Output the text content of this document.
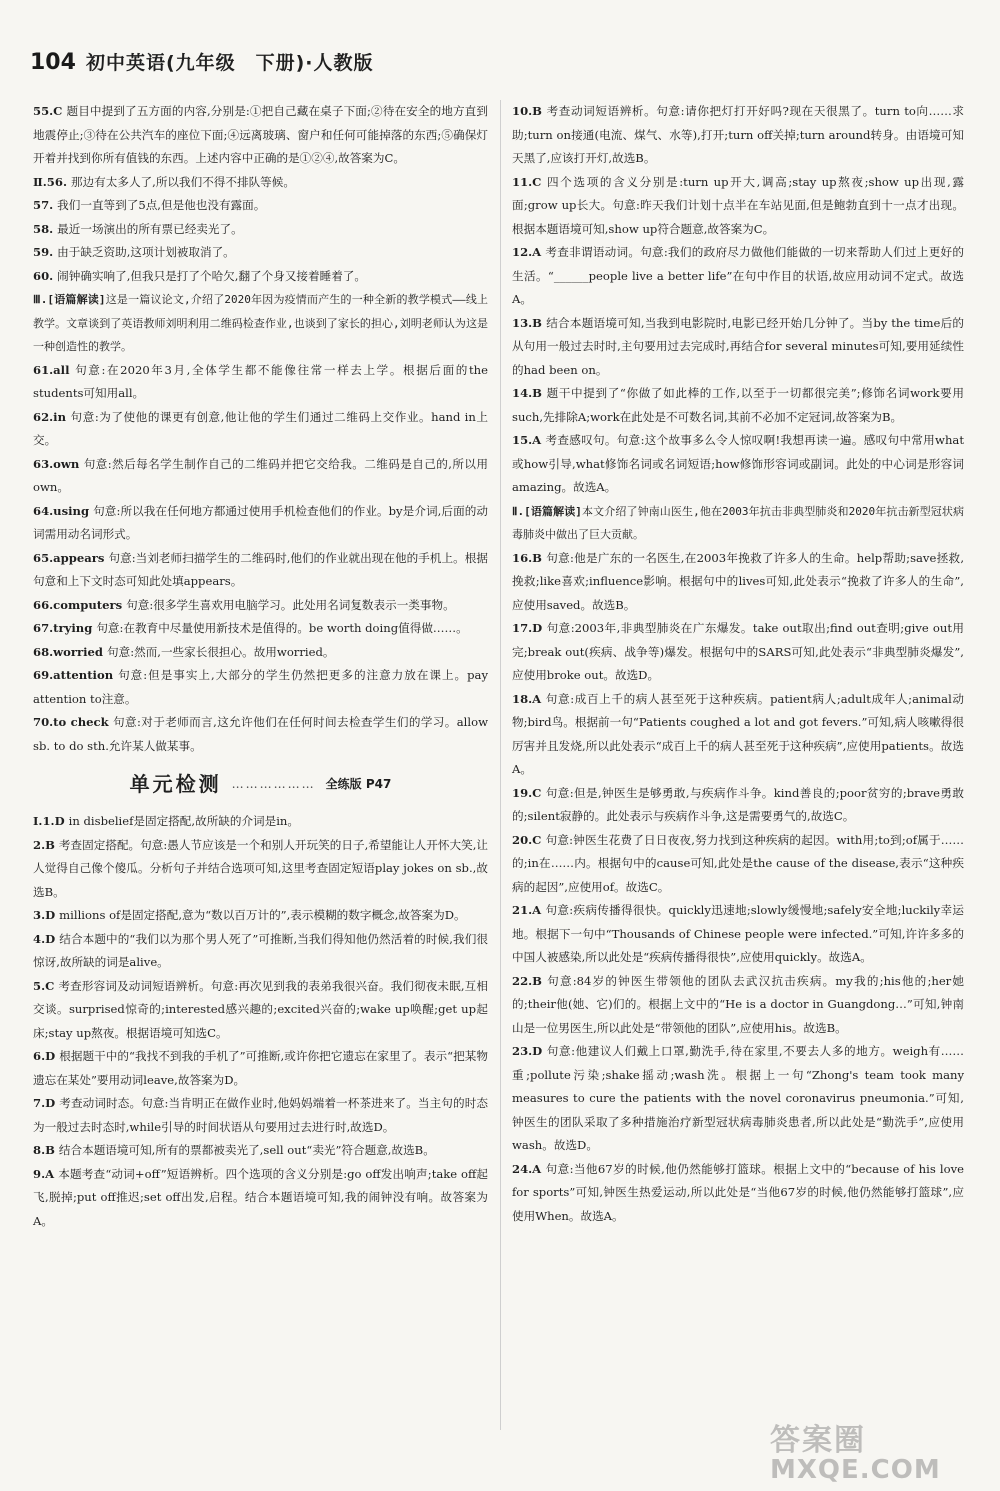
104 初中英语(九年级　下册)·人教版

55.C 题目中提到了五方面的内容,分别是:①把自己藏在桌子下面;②待在安全的地方直到地震停止;③待在公共汽车的座位下面;④远离玻璃、窗户和任何可能掉落的东西;⑤确保灯开着并找到你所有值钱的东西。上述内容中正确的是①②④,故答案为C。

Ⅱ.56. 那边有太多人了,所以我们不得不排队等候。

57. 我们一直等到了5点,但是他也没有露面。

58. 最近一场演出的所有票已经卖光了。

59. 由于缺乏资助,这项计划被取消了。

60. 闹钟确实响了,但我只是打了个哈欠,翻了个身又接着睡着了。

Ⅲ.[语篇解读]这是一篇议论文,介绍了2020年因为疫情而产生的一种全新的教学模式——线上教学。文章谈到了英语教师刘明利用二维码检查作业,也谈到了家长的担心,刘明老师认为这是一种创造性的教学。

61.all 句意:在2020年3月,全体学生都不能像往常一样去上学。根据后面的the students可知用all。

62.in 句意:为了使他的课更有创意,他让他的学生们通过二维码上交作业。hand in上交。

63.own 句意:然后每名学生制作自己的二维码并把它交给我。二维码是自己的,所以用own。

64.using 句意:所以我在任何地方都通过使用手机检查他们的作业。by是介词,后面的动词需用动名词形式。

65.appears 句意:当刘老师扫描学生的二维码时,他们的作业就出现在他的手机上。根据句意和上下文时态可知此处填appears。

66.computers 句意:很多学生喜欢用电脑学习。此处用名词复数表示一类事物。

67.trying 句意:在教育中尽量使用新技术是值得的。be worth doing值得做……。

68.worried 句意:然而,一些家长很担心。故用worried。

69.attention 句意:但是事实上,大部分的学生仍然把更多的注意力放在课上。pay attention to注意。

70.to check 句意:对于老师而言,这允许他们在任何时间去检查学生们的学习。allow sb. to do sth.允许某人做某事。

单元检测 ……………… 全练版 P47

Ⅰ.1.D in disbelief是固定搭配,故所缺的介词是in。

2.B 考查固定搭配。句意:愚人节应该是一个和别人开玩笑的日子,希望能让人开怀大笑,让人觉得自己像个傻瓜。分析句子并结合选项可知,这里考查固定短语play jokes on sb.,故选B。

3.D millions of是固定搭配,意为“数以百万计的”,表示模糊的数字概念,故答案为D。

4.D 结合本题中的“我们以为那个男人死了”可推断,当我们得知他仍然活着的时候,我们很惊讶,故所缺的词是alive。

5.C 考查形容词及动词短语辨析。句意:再次见到我的表弟我很兴奋。我们彻夜未眠,互相交谈。surprised惊奇的;interested感兴趣的;excited兴奋的;wake up唤醒;get up起床;stay up熬夜。根据语境可知选C。

6.D 根据题干中的“我找不到我的手机了”可推断,或许你把它遗忘在家里了。表示“把某物遗忘在某处”要用动词leave,故答案为D。

7.D 考查动词时态。句意:当肯明正在做作业时,他妈妈端着一杯茶进来了。当主句的时态为一般过去时态时,while引导的时间状语从句要用过去进行时,故选D。

8.B 结合本题语境可知,所有的票都被卖光了,sell out“卖光”符合题意,故选B。

9.A 本题考查“动词+off”短语辨析。四个选项的含义分别是:go off发出响声;take off起飞,脱掉;put off推迟;set off出发,启程。结合本题语境可知,我的闹钟没有响。故答案为A。

10.B 考查动词短语辨析。句意:请你把灯打开好吗?现在天很黑了。turn to向……求助;turn on接通(电流、煤气、水等),打开;turn off关掉;turn around转身。由语境可知天黑了,应该打开灯,故选B。

11.C 四个选项的含义分别是:turn up开大,调高;stay up熬夜;show up出现,露面;grow up长大。句意:昨天我们计划十点半在车站见面,但是鲍勃直到十一点才出现。根据本题语境可知,show up符合题意,故答案为C。

12.A 考查非谓语动词。句意:我们的政府尽力做他们能做的一切来帮助人们过上更好的生活。“______people live a better life”在句中作目的状语,故应用动词不定式。故选A。

13.B 结合本题语境可知,当我到电影院时,电影已经开始几分钟了。当by the time后的从句用一般过去时时,主句要用过去完成时,再结合for several minutes可知,要用延续性的had been on。

14.B 题干中提到了“你做了如此棒的工作,以至于一切都很完美”;修饰名词work要用such,先排除A;work在此处是不可数名词,其前不必加不定冠词,故答案为B。

15.A 考查感叹句。句意:这个故事多么令人惊叹啊!我想再读一遍。感叹句中常用what或how引导,what修饰名词或名词短语;how修饰形容词或副词。此处的中心词是形容词amazing。故选A。

Ⅱ.[语篇解读]本文介绍了钟南山医生,他在2003年抗击非典型肺炎和2020年抗击新型冠状病毒肺炎中做出了巨大贡献。

16.B 句意:他是广东的一名医生,在2003年挽救了许多人的生命。help帮助;save拯救,挽救;like喜欢;influence影响。根据句中的lives可知,此处表示“挽救了许多人的生命”,应使用saved。故选B。

17.D 句意:2003年,非典型肺炎在广东爆发。take out取出;find out查明;give out用完;break out(疾病、战争等)爆发。根据句中的SARS可知,此处表示“非典型肺炎爆发”,应使用broke out。故选D。

18.A 句意:成百上千的病人甚至死于这种疾病。patient病人;adult成年人;animal动物;bird鸟。根据前一句“Patients coughed a lot and got fevers.”可知,病人咳嗽得很厉害并且发烧,所以此处表示“成百上千的病人甚至死于这种疾病”,应使用patients。故选A。

19.C 句意:但是,钟医生是够勇敢,与疾病作斗争。kind善良的;poor贫穷的;brave勇敢的;silent寂静的。此处表示与疾病作斗争,这是需要勇气的,故选C。

20.C 句意:钟医生花费了日日夜夜,努力找到这种疾病的起因。with用;to到;of属于……的;in在……内。根据句中的cause可知,此处是the cause of the disease,表示“这种疾病的起因”,应使用of。故选C。

21.A 句意:疾病传播得很快。quickly迅速地;slowly缓慢地;safely安全地;luckily幸运地。根据下一句中“Thousands of Chinese people were infected.”可知,许许多多的中国人被感染,所以此处是“疾病传播得很快”,应使用quickly。故选A。

22.B 句意:84岁的钟医生带领他的团队去武汉抗击疾病。my我的;his他的;her她的;their他(她、它)们的。根据上文中的“He is a doctor in Guangdong…”可知,钟南山是一位男医生,所以此处是“带领他的团队”,应使用his。故选B。

23.D 句意:他建议人们戴上口罩,勤洗手,待在家里,不要去人多的地方。weigh有……重;pollute污染;shake摇动;wash洗。根据上一句“Zhong's team took many measures to cure the patients with the novel coronavirus pneumonia.”可知,钟医生的团队采取了多种措施治疗新型冠状病毒肺炎患者,所以此处是“勤洗手”,应使用wash。故选D。

24.A 句意:当他67岁的时候,他仍然能够打篮球。根据上文中的“because of his love for sports”可知,钟医生热爱运动,所以此处是“当他67岁的时候,他仍然能够打篮球”,应使用When。故选A。

答案圈
MXQE.COM
